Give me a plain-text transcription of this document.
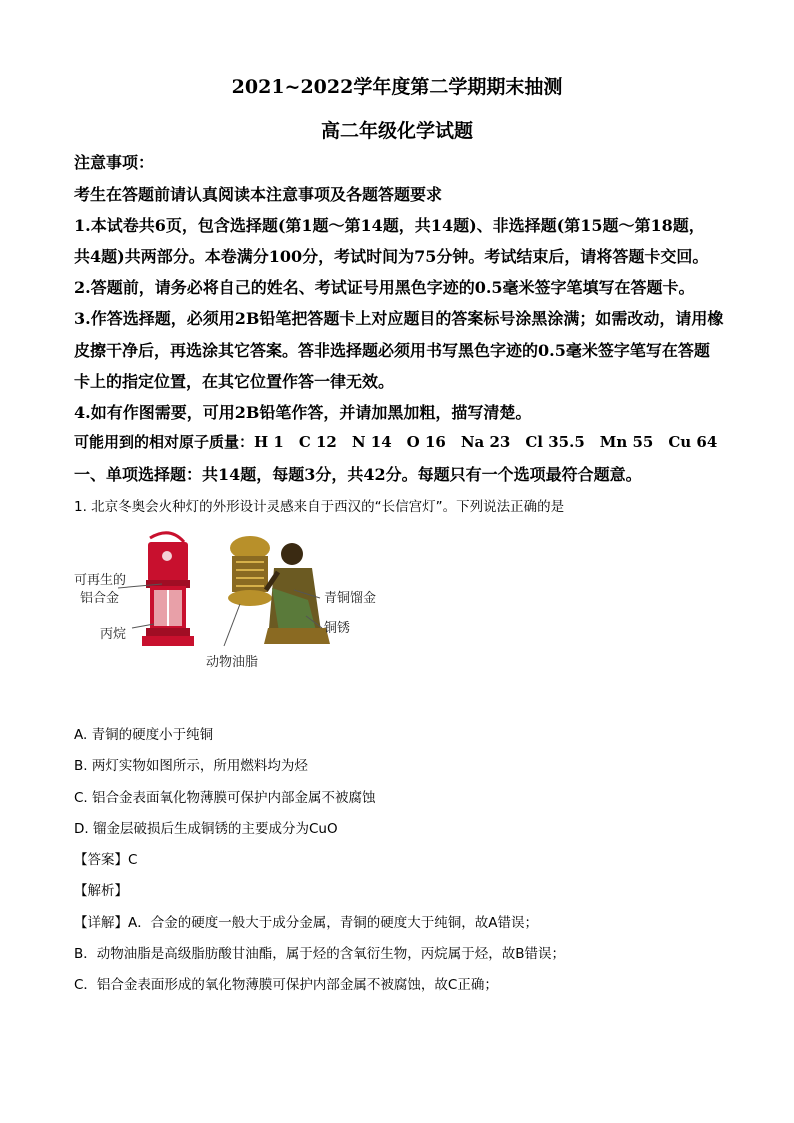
2021~2022学年度第二学期期末抽测
高二年级化学试题
注意事项：
考生在答题前请认真阅读本注意事项及各题答题要求
1.本试卷共6页，包含选择题(第1题～第14题，共14题)、非选择题(第15题～第18题，
共4题)共两部分。本卷满分100分，考试时间为75分钟。考试结束后，请将答题卡交回。
2.答题前，请务必将自己的姓名、考试证号用黑色字迹的0.5毫米签字笔填写在答题卡。
3.作答选择题，必须用2B铅笔把答题卡上对应题目的答案标号涂黑涂满；如需改动，请用橡
皮擦干净后，再选涂其它答案。答非选择题必须用书写黑色字迹的0.5毫米签字笔写在答题
卡上的指定位置，在其它位置作答一律无效。
4.如有作图需要，可用2B铅笔作答，并请加黑加粗，描写清楚。
可能用到的相对原子质量：H 1　C 12　N 14　O 16　Na 23　Cl 35.5　Mn 55　Cu 64
一、单项选择题：共14题，每题3分，共42分。每题只有一个选项最符合题意。
1. 北京冬奥会火种灯的外形设计灵感来自于西汉的“长信宫灯”。下列说法正确的是
可再生的
铝合金
丙烷
动物油脂
青铜馏金
铜锈
A. 青铜的硬度小于纯铜
B. 两灯实物如图所示，所用燃料均为烃
C. 铝合金表面氧化物薄膜可保护内部金属不被腐蚀
D. 镏金层破损后生成铜锈的主要成分为CuO
【答案】C
【解析】
【详解】A．合金的硬度一般大于成分金属，青铜的硬度大于纯铜，故A错误；
B．动物油脂是高级脂肪酸甘油酯，属于烃的含氧衍生物，丙烷属于烃，故B错误；
C．铝合金表面形成的氧化物薄膜可保护内部金属不被腐蚀，故C正确；
